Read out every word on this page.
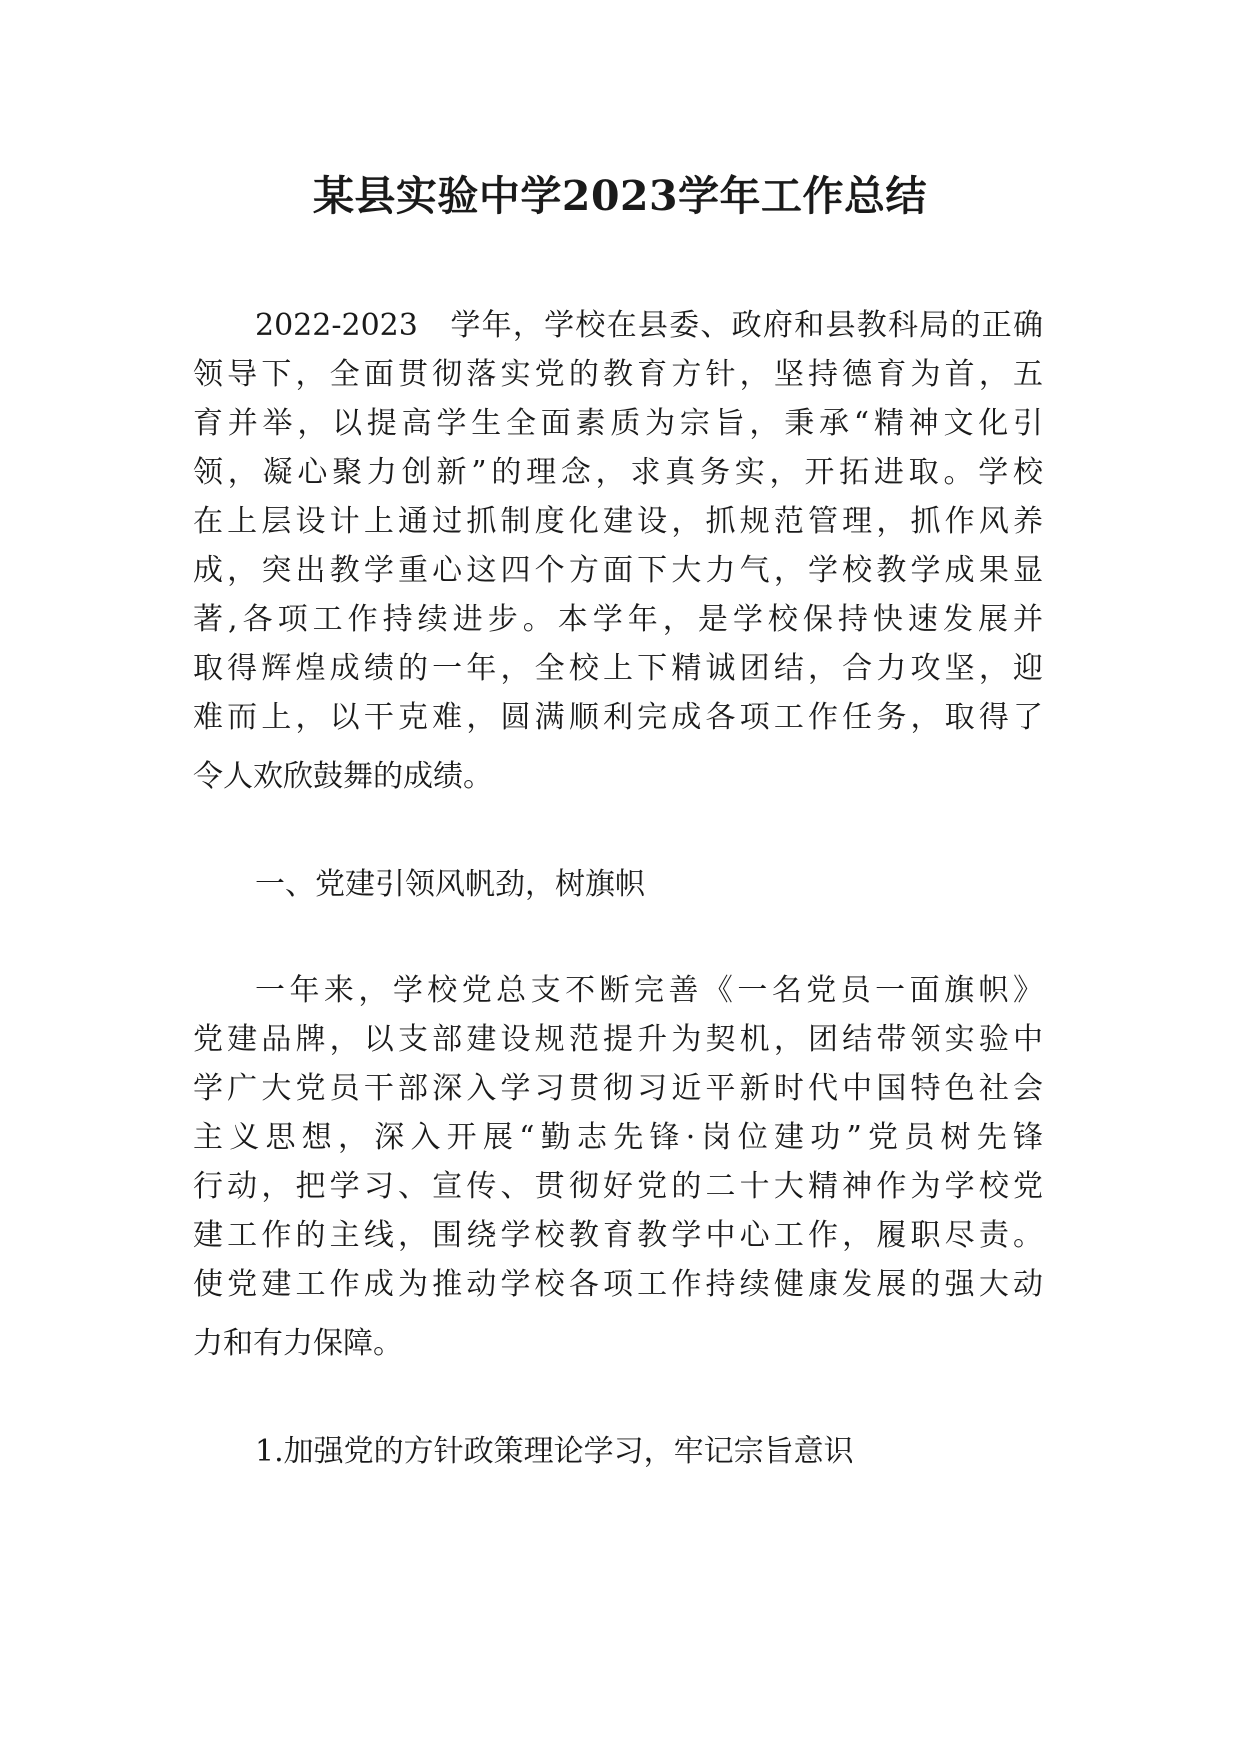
某县实验中学2023学年工作总结
2022-2023　学年，学校在县委、政府和县教科局的正确
领导下，全面贯彻落实党的教育方针，坚持德育为首，五
育并举，以提高学生全面素质为宗旨，秉承“精神文化引
领，凝心聚力创新”的理念，求真务实，开拓进取。学校
在上层设计上通过抓制度化建设，抓规范管理，抓作风养
成，突出教学重心这四个方面下大力气，学校教学成果显
著,各项工作持续进步。本学年，是学校保持快速发展并
取得辉煌成绩的一年，全校上下精诚团结，合力攻坚，迎
难而上，以干克难，圆满顺利完成各项工作任务，取得了
令人欢欣鼓舞的成绩。
一、党建引领风帆劲，树旗帜
一年来，学校党总支不断完善《一名党员一面旗帜》
党建品牌，以支部建设规范提升为契机，团结带领实验中
学广大党员干部深入学习贯彻习近平新时代中国特色社会
主义思想，深入开展“勤志先锋·岗位建功”党员树先锋
行动，把学习、宣传、贯彻好党的二十大精神作为学校党
建工作的主线，围绕学校教育教学中心工作，履职尽责。
使党建工作成为推动学校各项工作持续健康发展的强大动
力和有力保障。
1.加强党的方针政策理论学习，牢记宗旨意识
